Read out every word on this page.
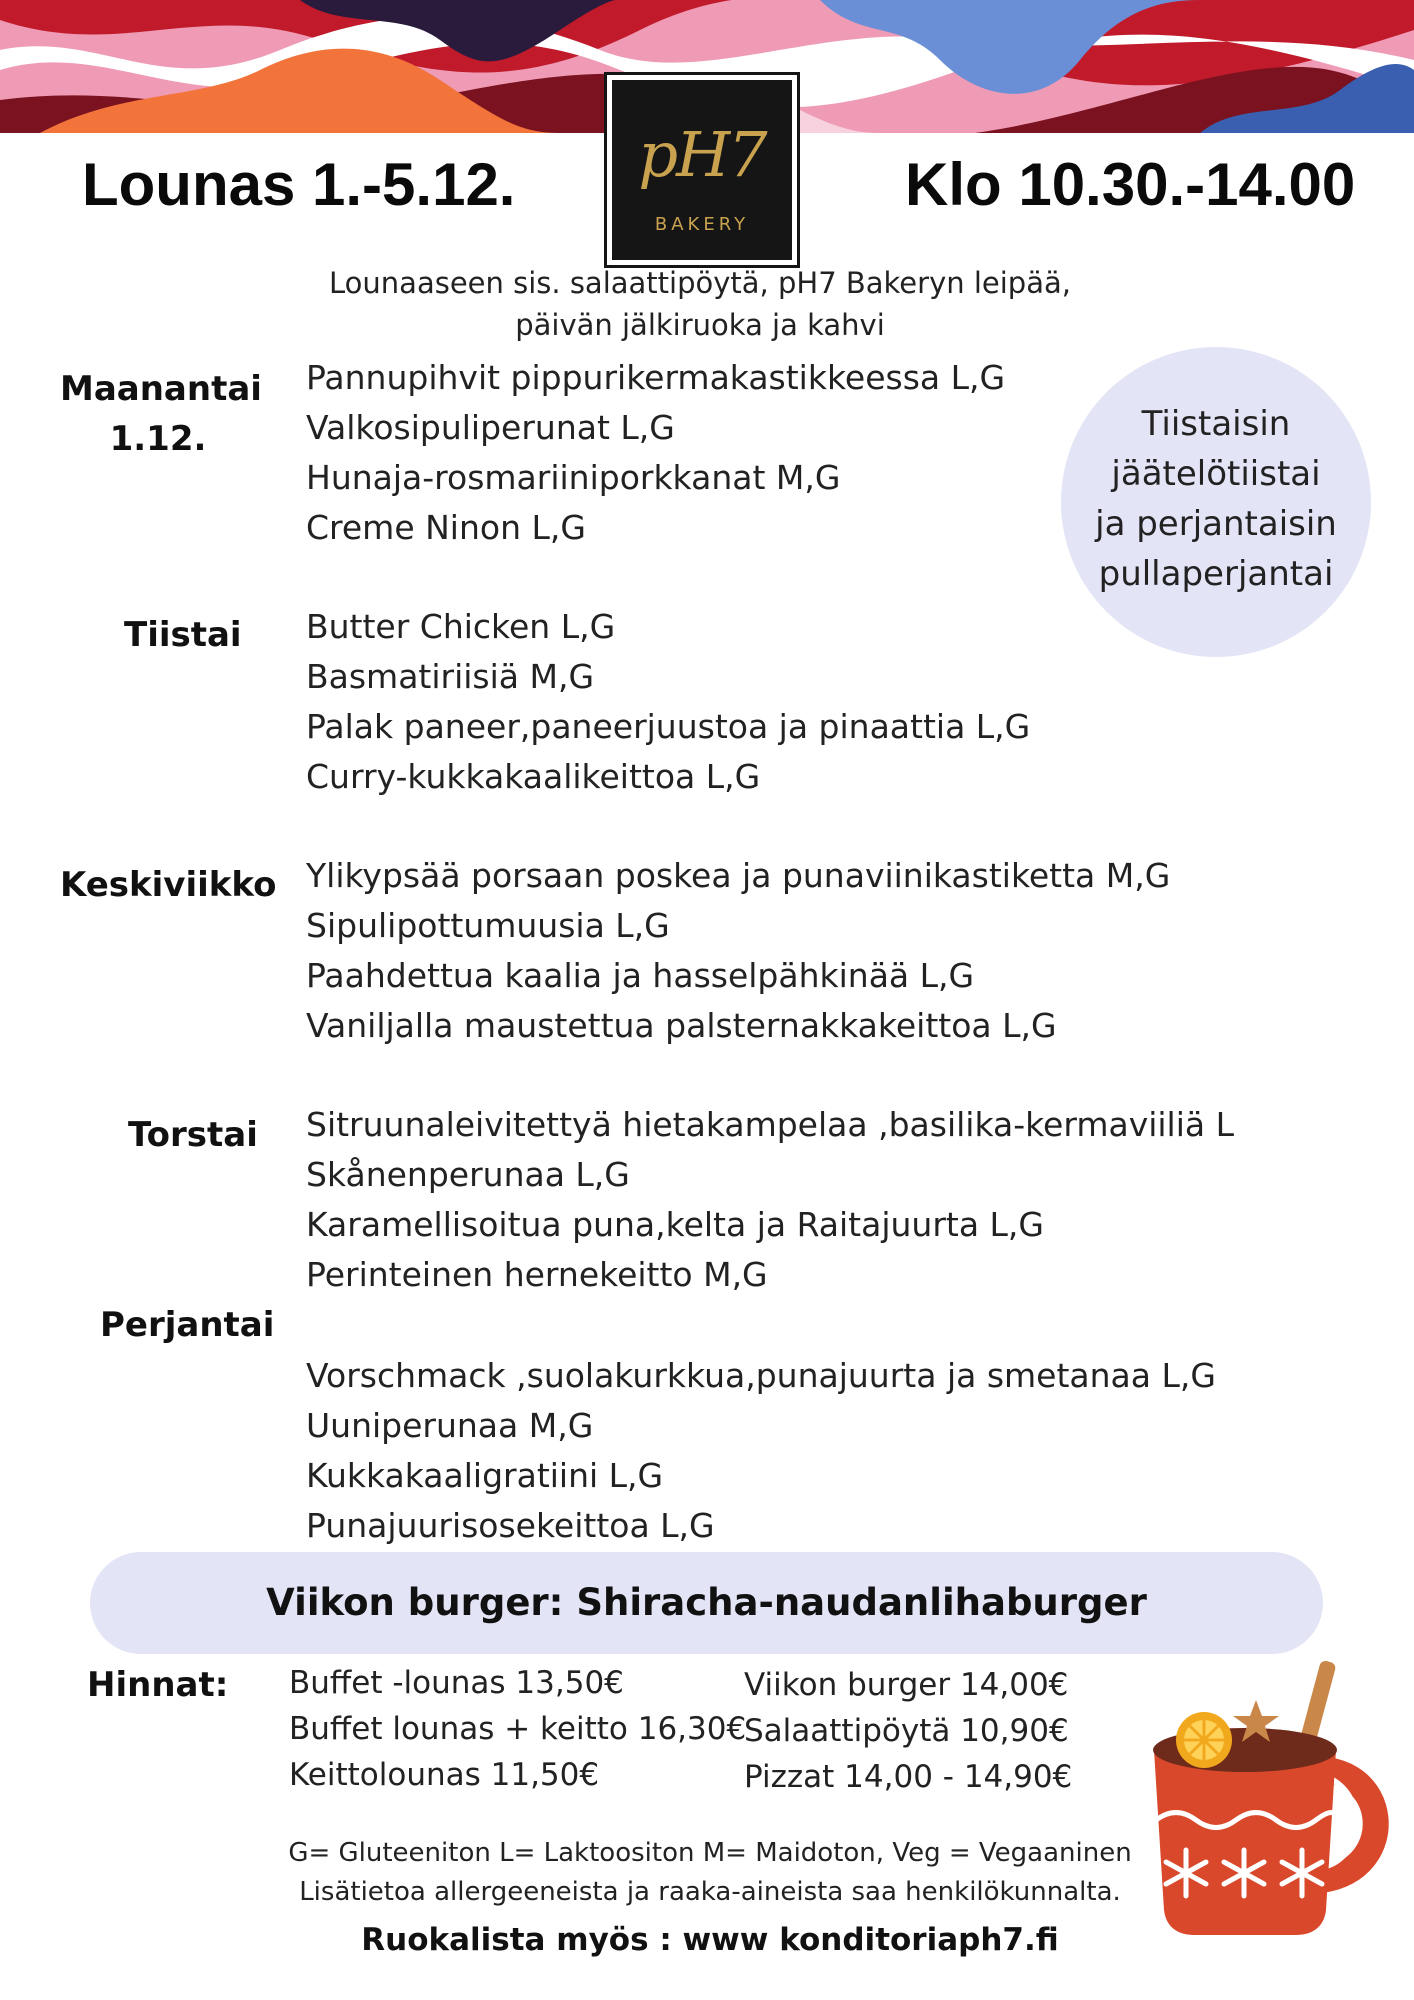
pH7
BAKERY
Lounas 1.-5.12.	Klo 10.30.-14.00
Lounaaseen sis. salaattipöytä, pH7 Bakeryn leipää,
päivän jälkiruoka ja kahvi
Maanantai
1.12.
Pannupihvit pippurikermakastikkeessa L,G
Valkosipuliperunat L,G
Hunaja-rosmariiniporkkanat M,G
Creme Ninon L,G
Tiistai Butter Chicken L,G
Basmatiriisiä M,G
Palak paneer,paneerjuustoa ja pinaattia L,G
Curry-kukkakaalikeittoa L,G
Keskiviikko Ylikypsää porsaan poskea ja punaviinikastiketta M,G
Sipulipottumuusia L,G
Paahdettua kaalia ja hasselpähkinää L,G
Vaniljalla maustettua palsternakkakeittoa L,G
Torstai Sitruunaleivitettyä hietakampelaa ,basilika-kermaviiliä L
Skånenperunaa L,G
Karamellisoitua puna,kelta ja Raitajuurta L,G
Perinteinen hernekeitto M,G
Perjantai
Vorschmack ,suolakurkkua,punajuurta ja smetanaa L,G
Uuniperunaa M,G
Kukkakaaligratiini L,G
Punajuurisosekeittoa L,G
Tiistaisin
jäätelötiistai
ja perjantaisin
pullaperjantai
Viikon burger: Shiracha-naudanlihaburger
Hinnat: Buffet -lounas 13,50€
Buffet lounas + keitto 16,30€
Keittolounas 11,50€
Viikon burger 14,00€
Salaattipöytä 10,90€
Pizzat 14,00 - 14,90€
G= Gluteeniton L= Laktoositon M= Maidoton, Veg = Vegaaninen
Lisätietoa allergeeneista ja raaka-aineista saa henkilökunnalta.
Ruokalista myös : www konditoriaph7.fi
